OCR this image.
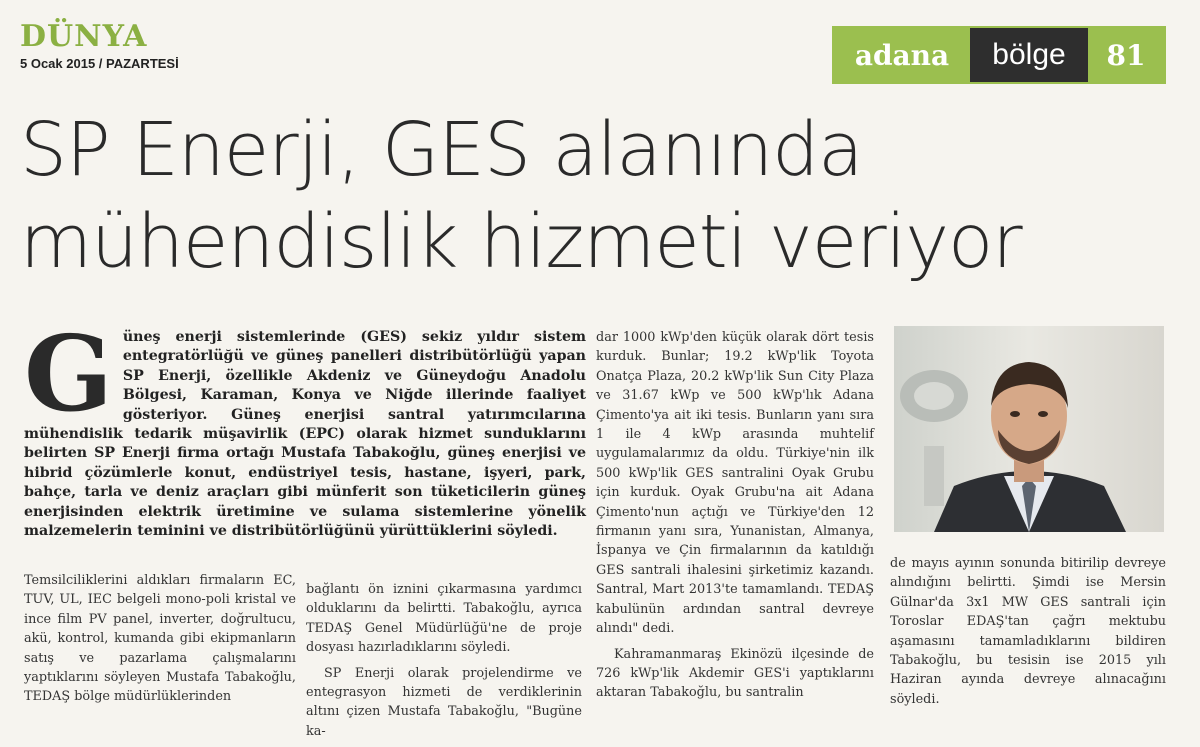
DÜNYA
5 Ocak 2015 / PAZARTESİ	adana	bölge	81
SP Enerji, GES alanında
mühendislik hizmeti veriyor
G üneş enerji sistemlerinde (GES) sekiz yıldır sistem entegratörlüğü ve güneş panelleri distribütörlüğü yapan SP Enerji, özellikle Akdeniz ve Güneydoğu Anadolu Bölgesi, Karaman, Konya ve Niğde illerinde faaliyet gösteriyor. Güneş enerjisi santral yatırımcılarına mühendislik tedarik müşavirlik (EPC) olarak hizmet sunduklarını belirten SP Enerji firma ortağı Mustafa Tabakoğlu, güneş enerjisi ve hibrid çözümlerle konut, endüstriyel tesis, hastane, işyeri, park, bahçe, tarla ve deniz araçları gibi münferit son tüketicilerin güneş enerjisinden elektrik üretimine ve sulama sistemlerine yönelik malzemelerin teminini ve distribütörlüğünü yürüttüklerini söyledi.

Temsilciliklerini aldıkları firmaların EC, TUV, UL, IEC belgeli mono-poli kristal ve ince film PV panel, inverter, doğrultucu, akü, kontrol, kumanda gibi ekipmanların satış ve pazarlama çalışmalarını yaptıklarını söyleyen Mustafa Tabakoğlu, TEDAŞ bölge müdürlüklerinden

bağlantı ön iznini çıkarmasına yardımcı olduklarını da belirtti. Tabakoğlu, ayrıca TEDAŞ Genel Müdürlüğü'ne de proje dosyası hazırladıklarını söyledi.

SP Enerji olarak projelendirme ve entegrasyon hizmeti de verdiklerinin altını çizen Mustafa Tabakoğlu, "Bugüne ka-

dar 1000 kWp'den küçük olarak dört tesis kurduk. Bunlar; 19.2 kWp'lik Toyota Onatça Plaza, 20.2 kWp'lik Sun City Plaza ve 31.67 kWp ve 500 kWp'lık Adana Çimento'ya ait iki tesis. Bunların yanı sıra 1 ile 4 kWp arasında muhtelif uygulamalarımız da oldu. Türkiye'nin ilk 500 kWp'lik GES santralini Oyak Grubu için kurduk. Oyak Grubu'na ait Adana Çimento'nun açtığı ve Türkiye'den 12 firmanın yanı sıra, Yunanistan, Almanya, İspanya ve Çin firmalarının da katıldığı GES santrali ihalesini şirketimiz kazandı. Santral, Mart 2013'te tamamlandı. TEDAŞ kabulünün ardından santral devreye alındı" dedi.

Kahramanmaraş Ekinözü ilçesinde de 726 kWp'lik Akdemir GES'i yaptıklarını aktaran Tabakoğlu, bu santralin

de mayıs ayının sonunda bitirilip devreye alındığını belirtti. Şimdi ise Mersin Gülnar'da 3x1 MW GES santrali için Toroslar EDAŞ'tan çağrı mektubu aşamasını tamamladıklarını bildiren Tabakoğlu, bu tesisin ise 2015 yılı Haziran ayında devreye alınacağını söyledi.
